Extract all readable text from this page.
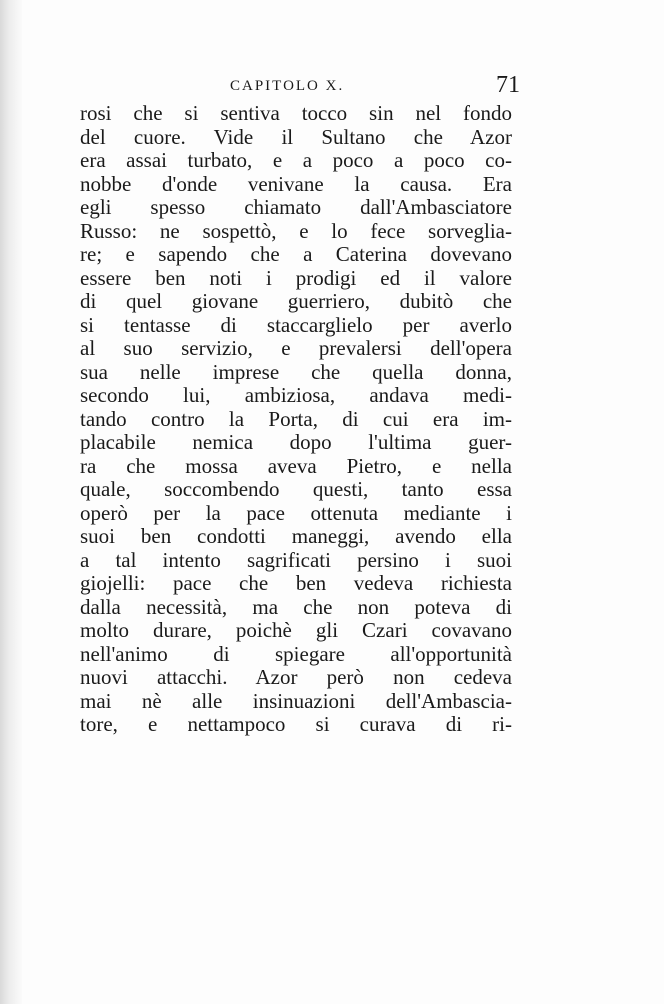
CAPITOLO X.	71
rosi che si sentiva tocco sin nel fondo
del cuore. Vide il Sultano che Azor
era assai turbato, e a poco a poco co-
nobbe d'onde venivane la causa. Era
egli spesso chiamato dall'Ambasciatore
Russo: ne sospettò, e lo fece sorveglia-
re; e sapendo che a Caterina dovevano
essere ben noti i prodigi ed il valore
di quel giovane guerriero, dubitò che
si tentasse di staccarglielo per averlo
al suo servizio, e prevalersi dell'opera
sua nelle imprese che quella donna,
secondo lui, ambiziosa, andava medi-
tando contro la Porta, di cui era im-
placabile nemica dopo l'ultima guer-
ra che mossa aveva Pietro, e nella
quale, soccombendo questi, tanto essa
operò per la pace ottenuta mediante i
suoi ben condotti maneggi, avendo ella
a tal intento sagrificati persino i suoi
giojelli: pace che ben vedeva richiesta
dalla necessità, ma che non poteva di
molto durare, poichè gli Czari covavano
nell'animo di spiegare all'opportunità
nuovi attacchi. Azor però non cedeva
mai nè alle insinuazioni dell'Ambascia-
tore, e nettampoco si curava di ri-
